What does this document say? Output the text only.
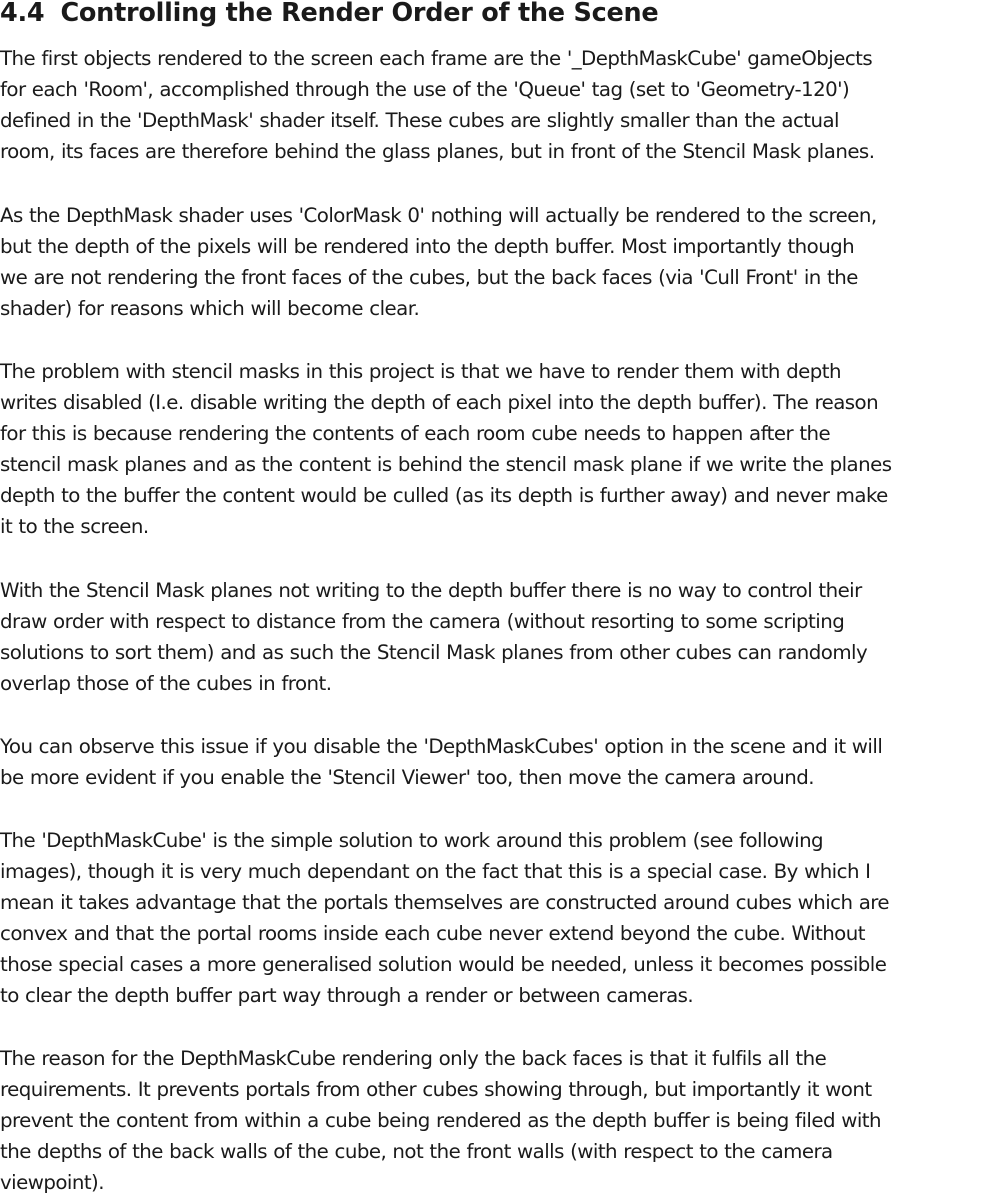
4.4 Controlling the Render Order of the Scene

The first objects rendered to the screen each frame are the '_DepthMaskCube' gameObjects
for each 'Room', accomplished through the use of the 'Queue' tag (set to 'Geometry-120')
defined in the 'DepthMask' shader itself. These cubes are slightly smaller than the actual
room, its faces are therefore behind the glass planes, but in front of the Stencil Mask planes.

As the DepthMask shader uses 'ColorMask 0' nothing will actually be rendered to the screen,
but the depth of the pixels will be rendered into the depth buffer. Most importantly though
we are not rendering the front faces of the cubes, but the back faces (via 'Cull Front' in the
shader) for reasons which will become clear.

The problem with stencil masks in this project is that we have to render them with depth
writes disabled (I.e. disable writing the depth of each pixel into the depth buffer). The reason
for this is because rendering the contents of each room cube needs to happen after the
stencil mask planes and as the content is behind the stencil mask plane if we write the planes
depth to the buffer the content would be culled (as its depth is further away) and never make
it to the screen.

With the Stencil Mask planes not writing to the depth buffer there is no way to control their
draw order with respect to distance from the camera (without resorting to some scripting
solutions to sort them) and as such the Stencil Mask planes from other cubes can randomly
overlap those of the cubes in front.

You can observe this issue if you disable the 'DepthMaskCubes' option in the scene and it will
be more evident if you enable the 'Stencil Viewer' too, then move the camera around.

The 'DepthMaskCube' is the simple solution to work around this problem (see following
images), though it is very much dependant on the fact that this is a special case. By which I
mean it takes advantage that the portals themselves are constructed around cubes which are
convex and that the portal rooms inside each cube never extend beyond the cube. Without
those special cases a more generalised solution would be needed, unless it becomes possible
to clear the depth buffer part way through a render or between cameras.

The reason for the DepthMaskCube rendering only the back faces is that it fulfils all the
requirements. It prevents portals from other cubes showing through, but importantly it wont
prevent the content from within a cube being rendered as the depth buffer is being filed with
the depths of the back walls of the cube, not the front walls (with respect to the camera
viewpoint).
